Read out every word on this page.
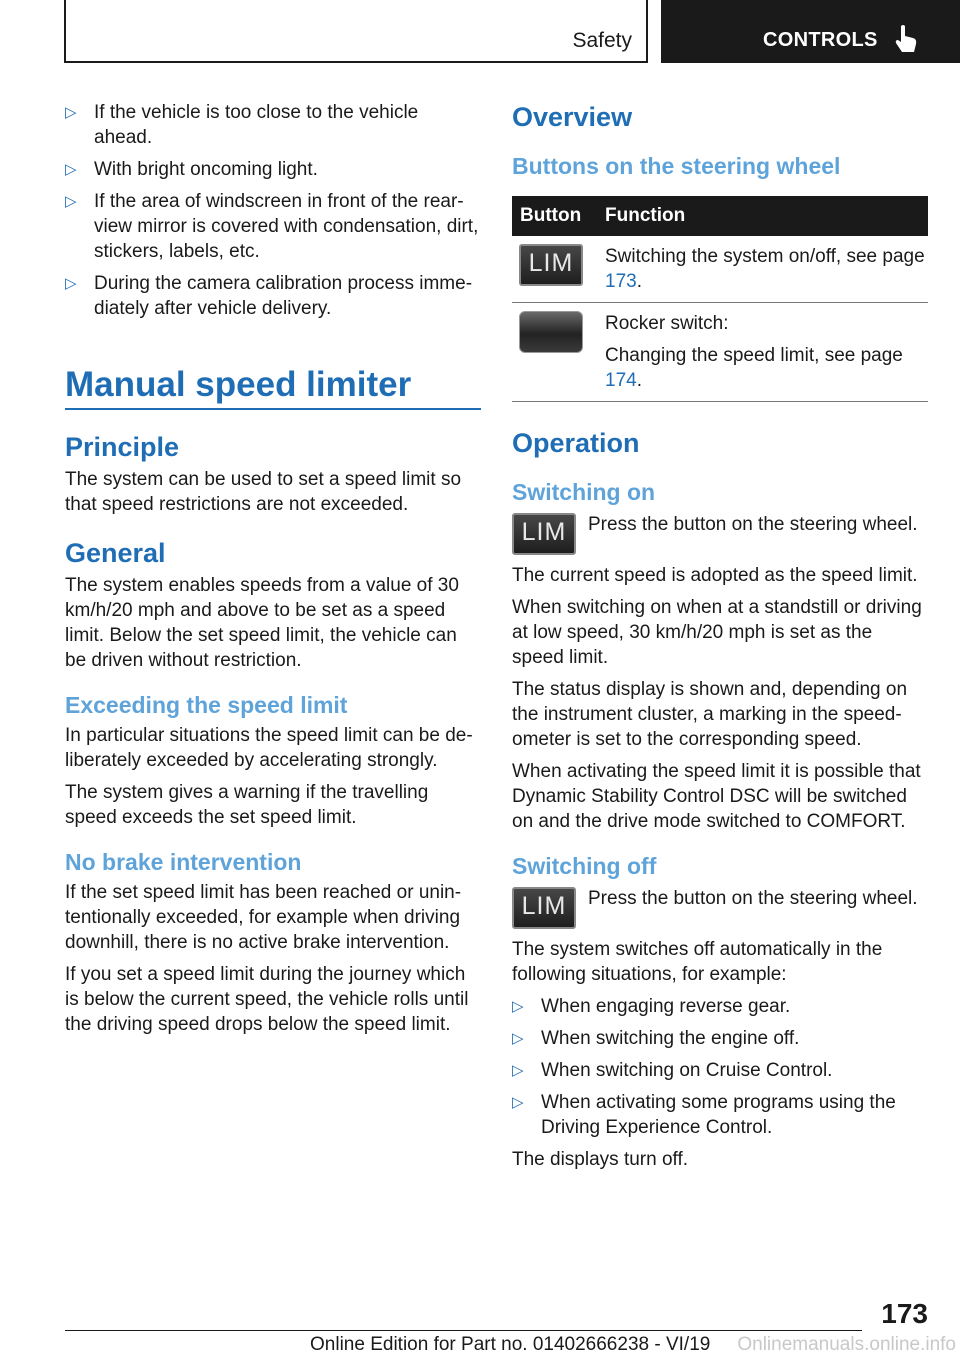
Safety	CONTROLS
▷ If the vehicle is too close to the vehicle ahead.
▷ With bright oncoming light.
▷ If the area of windscreen in front of the rear-view mirror is covered with condensation, dirt, stickers, labels, etc.
▷ During the camera calibration process imme-diately after vehicle delivery.
Manual speed limiter
Principle

The system can be used to set a speed limit so that speed restrictions are not exceeded.

General

The system enables speeds from a value of 30 km/h/20 mph and above to be set as a speed limit. Below the set speed limit, the vehicle can be driven without restriction.

Exceeding the speed limit

In particular situations the speed limit can be de-liberately exceeded by accelerating strongly.

The system gives a warning if the travelling speed exceeds the set speed limit.

No brake intervention

If the set speed limit has been reached or unin-tentionally exceeded, for example when driving downhill, there is no active brake intervention.

If you set a speed limit during the journey which is below the current speed, the vehicle rolls until the driving speed drops below the speed limit.

Overview
Buttons on the steering wheel
Button	Function
LIM	Switching the system on/off, see page 173.

	Rocker switch:
Changing the speed limit, see page 174.
Operation
Switching on
LIM	Press the button on the steering wheel.

The current speed is adopted as the speed limit.

When switching on when at a standstill or driving at low speed, 30 km/h/20 mph is set as the speed limit.

The status display is shown and, depending on the instrument cluster, a marking in the speed-ometer is set to the corresponding speed.

When activating the speed limit it is possible that Dynamic Stability Control DSC will be switched on and the drive mode switched to COMFORT.

Switching off
LIM	Press the button on the steering wheel.

The system switches off automatically in the following situations, for example:

▷ When engaging reverse gear.
▷ When switching the engine off.
▷ When switching on Cruise Control.
▷ When activating some programs using the Driving Experience Control.

The displays turn off.

173
Online Edition for Part no. 01402666238 - VI/19 Onlinemanuals.online.info
